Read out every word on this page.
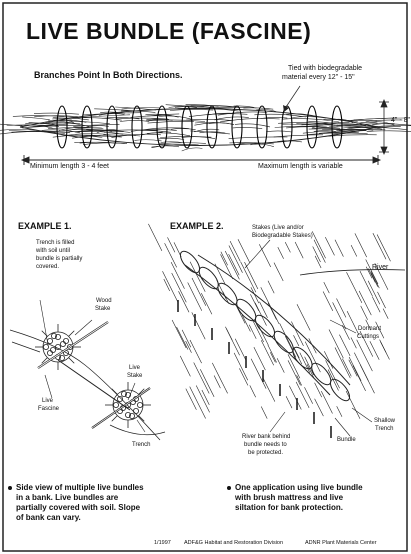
LIVE BUNDLE (FASCINE)
Branches Point In Both Directions.
Tied with biodegradable
material every 12" - 15"
4" - 8"
Minimum length 3 - 4 feet	Maximum length is variable
EXAMPLE 1.
Trench is filled
with soil until
bundle is partially
covered.
Wood
Stake
Live
Stake
Live
Fascine
Trench
Side view of multiple live bundles
in a bank. Live bundles are
partially covered with soil. Slope
of bank can vary.
EXAMPLE 2.	Stakes (Live and/or
Biodegradable Stakes)
River
Dormant
Cuttings
Shallow
Trench
Bundle
River bank behind
bundle needs to
be protected.
One application using live bundle
with brush mattress and live
siltation for bank protection.
1/1997 ADF&G Habitat and Restoration Division	ADNR Plant Materials Center
